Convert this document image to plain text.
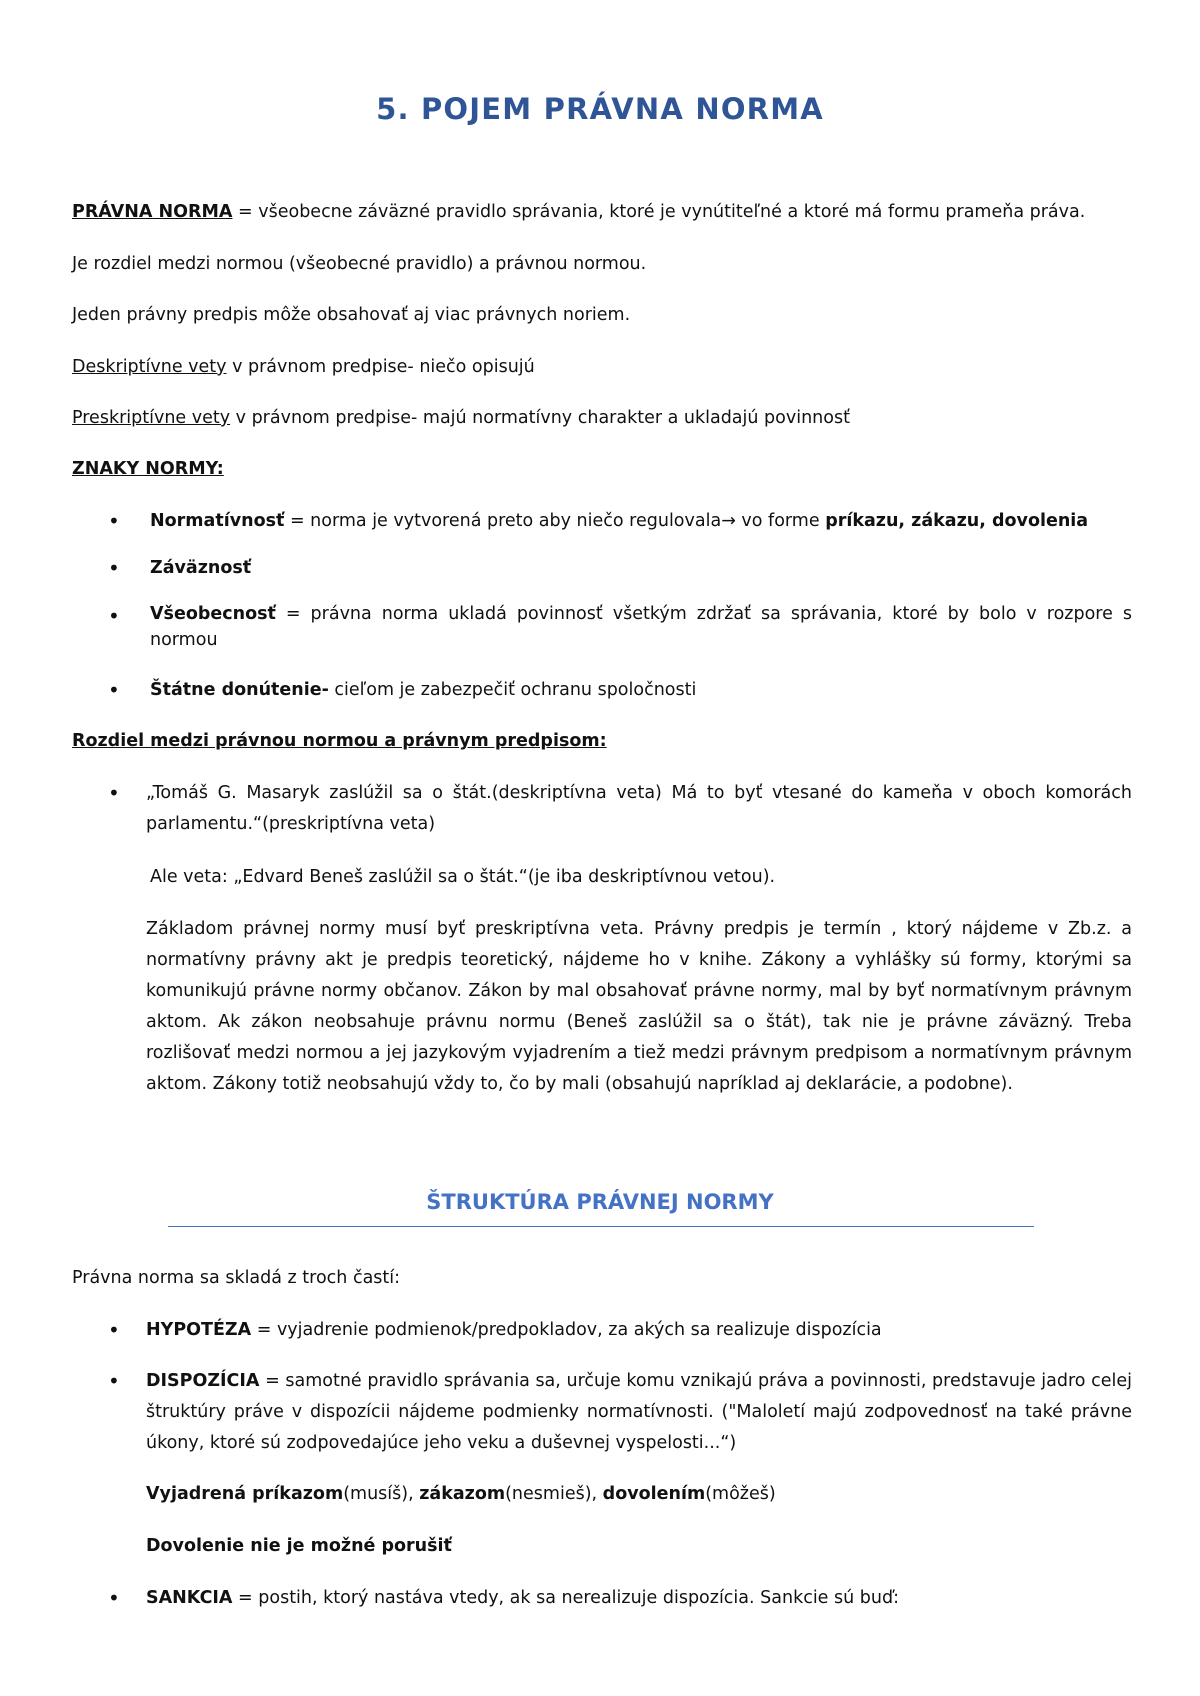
5. POJEM PRÁVNA NORMA
PRÁVNA NORMA = všeobecne záväzné pravidlo správania, ktoré je vynútiteľné a ktoré má formu prameňa práva.
Je rozdiel medzi normou (všeobecné pravidlo) a právnou normou.
Jeden právny predpis môže obsahovať aj viac právnych noriem.
Deskriptívne vety v právnom predpise- niečo opisujú
Preskriptívne vety v právnom predpise- majú normatívny charakter a ukladajú povinnosť
ZNAKY NORMY:
• Normatívnosť = norma je vytvorená preto aby niečo regulovala→ vo forme príkazu, zákazu, dovolenia
• Záväznosť
• Všeobecnosť = právna norma ukladá povinnosť všetkým zdržať sa správania, ktoré by bolo v rozpore s normou
• Štátne donútenie- cieľom je zabezpečiť ochranu spoločnosti
Rozdiel medzi právnou normou a právnym predpisom:
• „Tomáš G. Masaryk zaslúžil sa o štát.(deskriptívna veta) Má to byť vtesané do kameňa v oboch komorách parlamentu.“(preskriptívna veta)
Ale veta: „Edvard Beneš zaslúžil sa o štát.“(je iba deskriptívnou vetou).
Základom právnej normy musí byť preskriptívna veta. Právny predpis je termín , ktorý nájdeme v Zb.z. a normatívny právny akt je predpis teoretický, nájdeme ho v knihe. Zákony a vyhlášky sú formy, ktorými sa komunikujú právne normy občanov. Zákon by mal obsahovať právne normy, mal by byť normatívnym právnym aktom. Ak zákon neobsahuje právnu normu (Beneš zaslúžil sa o štát), tak nie je právne záväzný. Treba rozlišovať medzi normou a jej jazykovým vyjadrením a tiež medzi právnym predpisom a normatívnym právnym aktom. Zákony totiž neobsahujú vždy to, čo by mali (obsahujú napríklad aj deklarácie, a podobne).
ŠTRUKTÚRA PRÁVNEJ NORMY
Právna norma sa skladá z troch častí:
• HYPOTÉZA = vyjadrenie podmienok/predpokladov, za akých sa realizuje dispozícia
• DISPOZÍCIA = samotné pravidlo správania sa, určuje komu vznikajú práva a povinnosti, predstavuje jadro celej štruktúry práve v dispozícii nájdeme podmienky normatívnosti. ("Maloletí majú zodpovednosť na také právne úkony, ktoré sú zodpovedajúce jeho veku a duševnej vyspelosti...“)
Vyjadrená príkazom(musíš), zákazom(nesmieš), dovolením(môžeš)
Dovolenie nie je možné porušiť
• SANKCIA = postih, ktorý nastáva vtedy, ak sa nerealizuje dispozícia. Sankcie sú buď:
